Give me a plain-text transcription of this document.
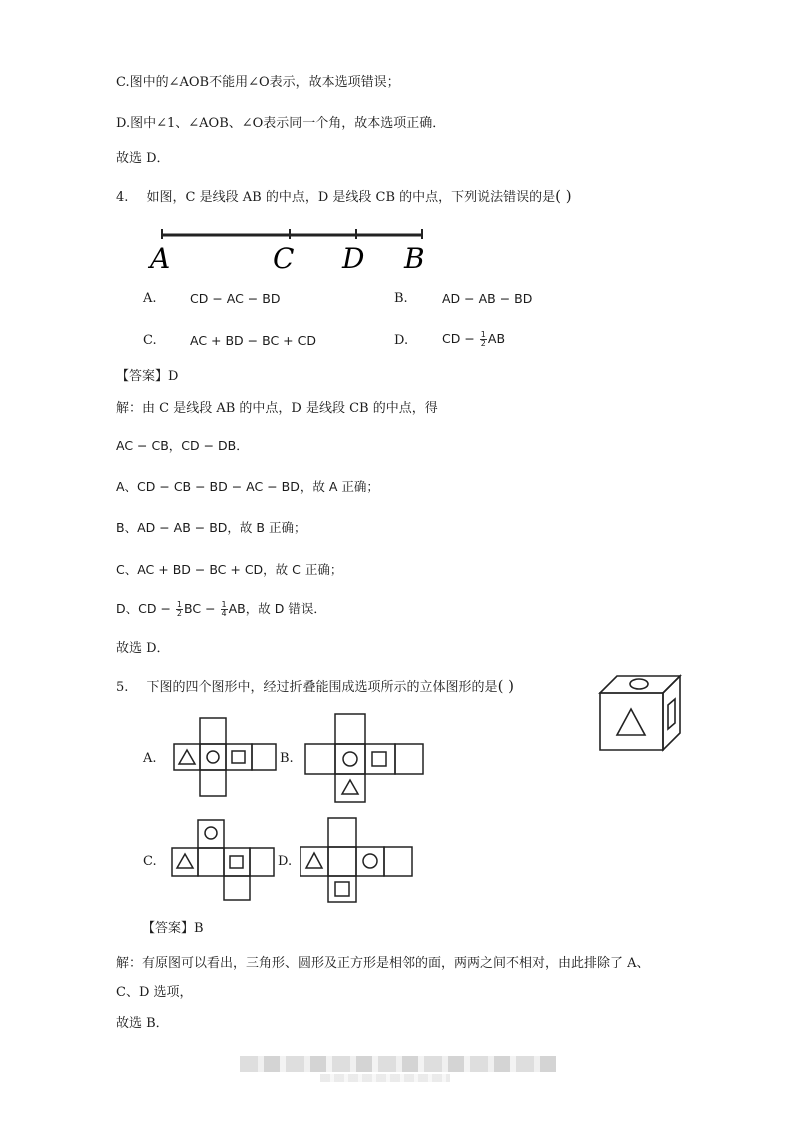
C.图中的∠AOB不能用∠O表示，故本选项错误；
D.图中∠1、∠AOB、∠O表示同一个角，故本选项正确．
故选 D．
4. 如图，C 是线段 AB 的中点，D 是线段 CB 的中点，下列说法错误的是( )
A	C D B
A.	CD − AC − BD	B.	AD − AB − BD
C.	AC + BD − BC + CD	D.	CD − $\frac{1}{2}$ AB
【答案】D
解：由 C 是线段 AB 的中点，D 是线段 CB 的中点，得
AC − CB，CD − DB．
A、CD − CB − BD − AC − BD，故 A 正确；
B、AD − AB − BD，故 B 正确；
C、AC + BD − BC + CD，故 C 正确；
D、CD − $\frac{1}{2}$ BC − $\frac{1}{4}$ AB，故 D 错误．
故选 D．
5. 下图的四个图形中，经过折叠能围成选项所示的立体图形的是( )
A.	B.
C.	D.
【答案】B
解：有原图可以看出，三角形、圆形及正方形是相邻的面，两两之间不相对，由此排除了 A、
C、D 选项，
故选 B．
